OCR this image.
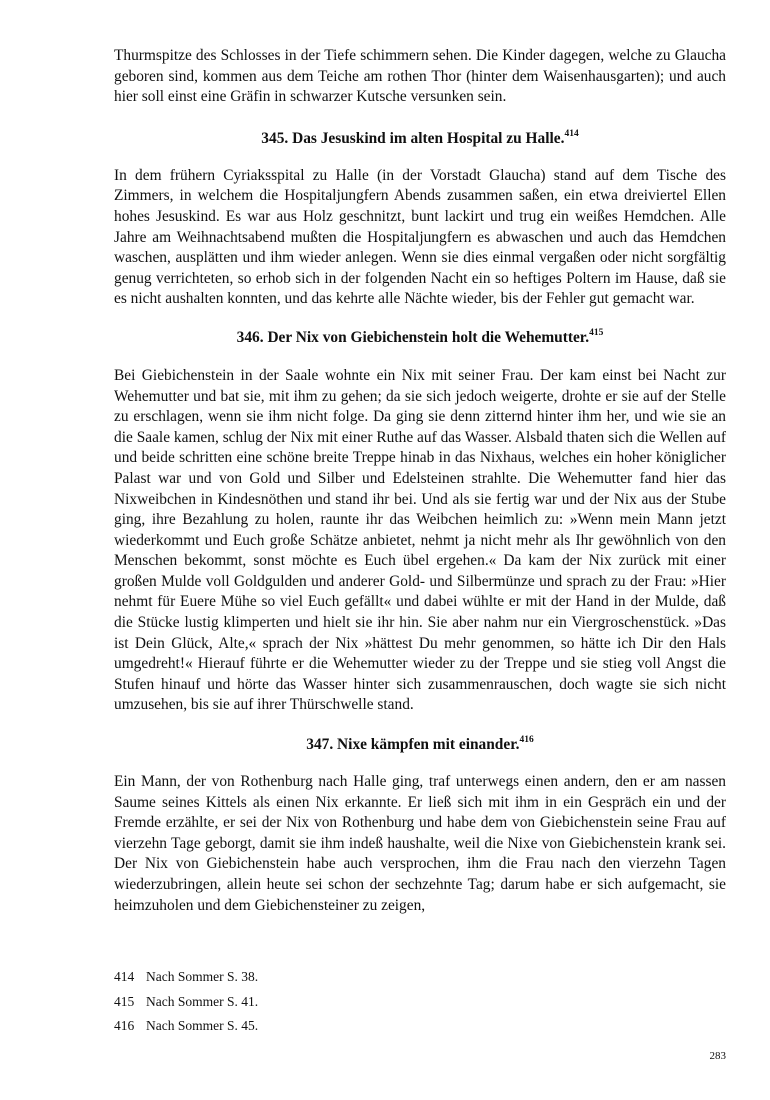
Thurmspitze des Schlosses in der Tiefe schimmern sehen. Die Kinder dagegen, welche zu Glaucha geboren sind, kommen aus dem Teiche am rothen Thor (hinter dem Waisenhausgarten); und auch hier soll einst eine Gräfin in schwarzer Kutsche versunken sein.

345. Das Jesuskind im alten Hospital zu Halle.$^{414}$

In dem frühern Cyriaksspital zu Halle (in der Vorstadt Glaucha) stand auf dem Tische des Zimmers, in welchem die Hospitaljungfern Abends zusammen saßen, ein etwa dreiviertel Ellen hohes Jesuskind. Es war aus Holz geschnitzt, bunt lackirt und trug ein weißes Hemdchen. Alle Jahre am Weihnachtsabend mußten die Hospitaljungfern es abwaschen und auch das Hemdchen waschen, ausplätten und ihm wieder anlegen. Wenn sie dies einmal vergaßen oder nicht sorgfältig genug verrichteten, so erhob sich in der folgenden Nacht ein so heftiges Poltern im Hause, daß sie es nicht aushalten konnten, und das kehrte alle Nächte wieder, bis der Fehler gut gemacht war.

346. Der Nix von Giebichenstein holt die Wehemutter.$^{415}$

Bei Giebichenstein in der Saale wohnte ein Nix mit seiner Frau. Der kam einst bei Nacht zur Wehemutter und bat sie, mit ihm zu gehen; da sie sich jedoch weigerte, drohte er sie auf der Stelle zu erschlagen, wenn sie ihm nicht folge. Da ging sie denn zitternd hinter ihm her, und wie sie an die Saale kamen, schlug der Nix mit einer Ruthe auf das Wasser. Alsbald thaten sich die Wellen auf und beide schritten eine schöne breite Treppe hinab in das Nixhaus, welches ein hoher königlicher Palast war und von Gold und Silber und Edelsteinen strahlte. Die Wehemutter fand hier das Nixweibchen in Kindesnöthen und stand ihr bei. Und als sie fertig war und der Nix aus der Stube ging, ihre Bezahlung zu holen, raunte ihr das Weibchen heimlich zu: »Wenn mein Mann jetzt wiederkommt und Euch große Schätze anbietet, nehmt ja nicht mehr als Ihr gewöhnlich von den Menschen bekommt, sonst möchte es Euch übel ergehen.« Da kam der Nix zurück mit einer großen Mulde voll Goldgulden und anderer Gold- und Silbermünze und sprach zu der Frau: »Hier nehmt für Euere Mühe so viel Euch gefällt« und dabei wühlte er mit der Hand in der Mulde, daß die Stücke lustig klimperten und hielt sie ihr hin. Sie aber nahm nur ein Viergroschenstück. »Das ist Dein Glück, Alte,« sprach der Nix »hättest Du mehr genommen, so hätte ich Dir den Hals umgedreht!« Hierauf führte er die Wehemutter wieder zu der Treppe und sie stieg voll Angst die Stufen hinauf und hörte das Wasser hinter sich zusammenrauschen, doch wagte sie sich nicht umzusehen, bis sie auf ihrer Thürschwelle stand.

347. Nixe kämpfen mit einander.$^{416}$

Ein Mann, der von Rothenburg nach Halle ging, traf unterwegs einen andern, den er am nassen Saume seines Kittels als einen Nix erkannte. Er ließ sich mit ihm in ein Gespräch ein und der Fremde erzählte, er sei der Nix von Rothenburg und habe dem von Giebichenstein seine Frau auf vierzehn Tage geborgt, damit sie ihm indeß haushalte, weil die Nixe von Giebichenstein krank sei. Der Nix von Giebichenstein habe auch versprochen, ihm die Frau nach den vierzehn Tagen wiederzubringen, allein heute sei schon der sechzehnte Tag; darum habe er sich aufgemacht, sie heimzuholen und dem Giebichensteiner zu zeigen,

414 Nach Sommer S. 38.
415 Nach Sommer S. 41.
416 Nach Sommer S. 45.
283
